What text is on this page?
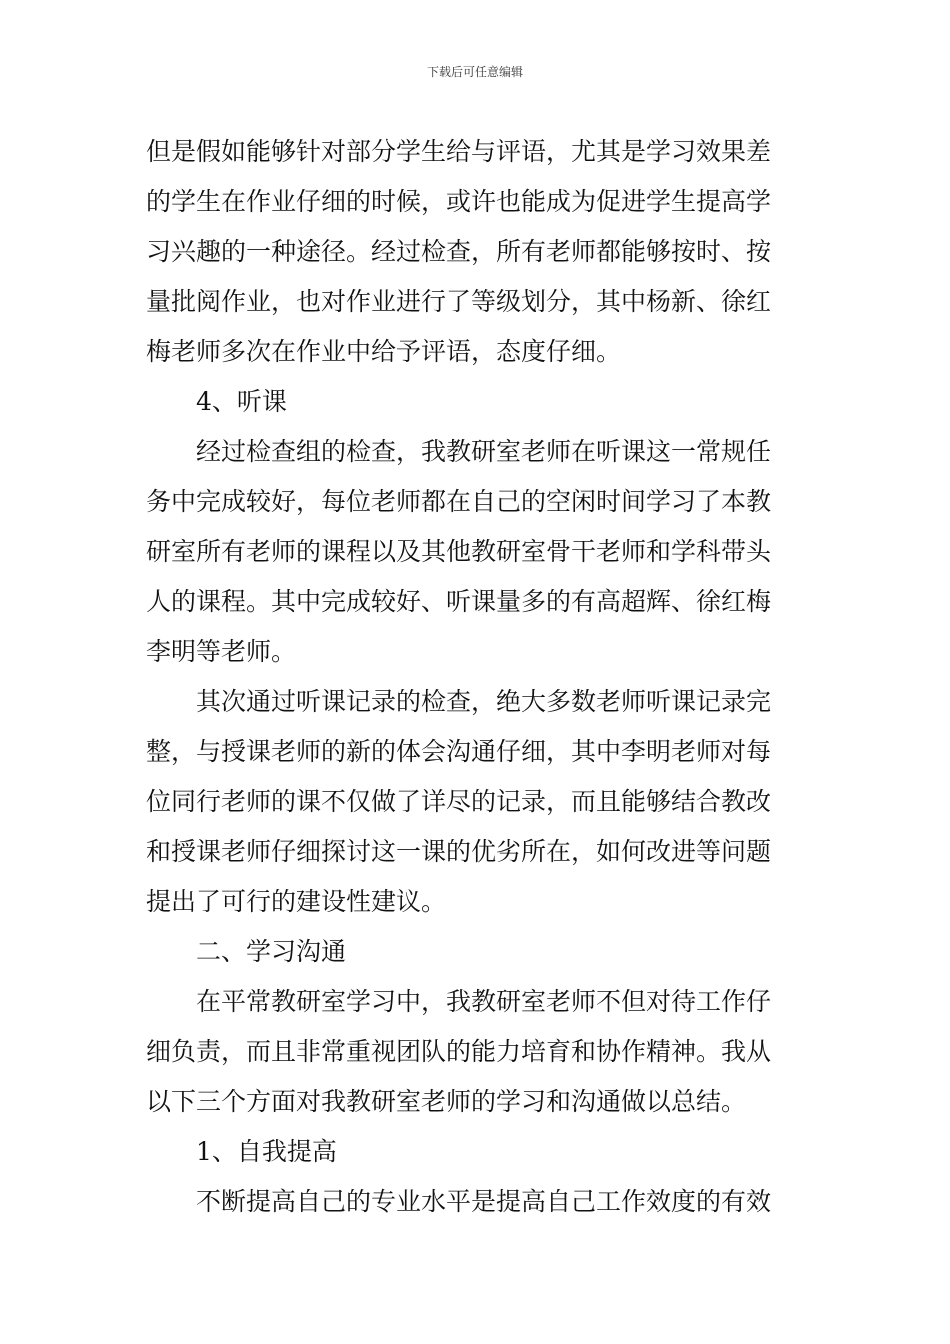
下载后可任意编辑
但是假如能够针对部分学生给与评语，尤其是学习效果差
的学生在作业仔细的时候，或许也能成为促进学生提高学
习兴趣的一种途径。经过检查，所有老师都能够按时、按
量批阅作业，也对作业进行了等级划分，其中杨新、徐红
梅老师多次在作业中给予评语，态度仔细。
4、听课
经过检查组的检查，我教研室老师在听课这一常规任
务中完成较好，每位老师都在自己的空闲时间学习了本教
研室所有老师的课程以及其他教研室骨干老师和学科带头
人的课程。其中完成较好、听课量多的有高超辉、徐红梅
李明等老师。
其次通过听课记录的检查，绝大多数老师听课记录完
整，与授课老师的新的体会沟通仔细，其中李明老师对每
位同行老师的课不仅做了详尽的记录，而且能够结合教改
和授课老师仔细探讨这一课的优劣所在，如何改进等问题
提出了可行的建设性建议。
二、学习沟通
在平常教研室学习中，我教研室老师不但对待工作仔
细负责，而且非常重视团队的能力培育和协作精神。我从
以下三个方面对我教研室老师的学习和沟通做以总结。
1、自我提高
不断提高自己的专业水平是提高自己工作效度的有效
